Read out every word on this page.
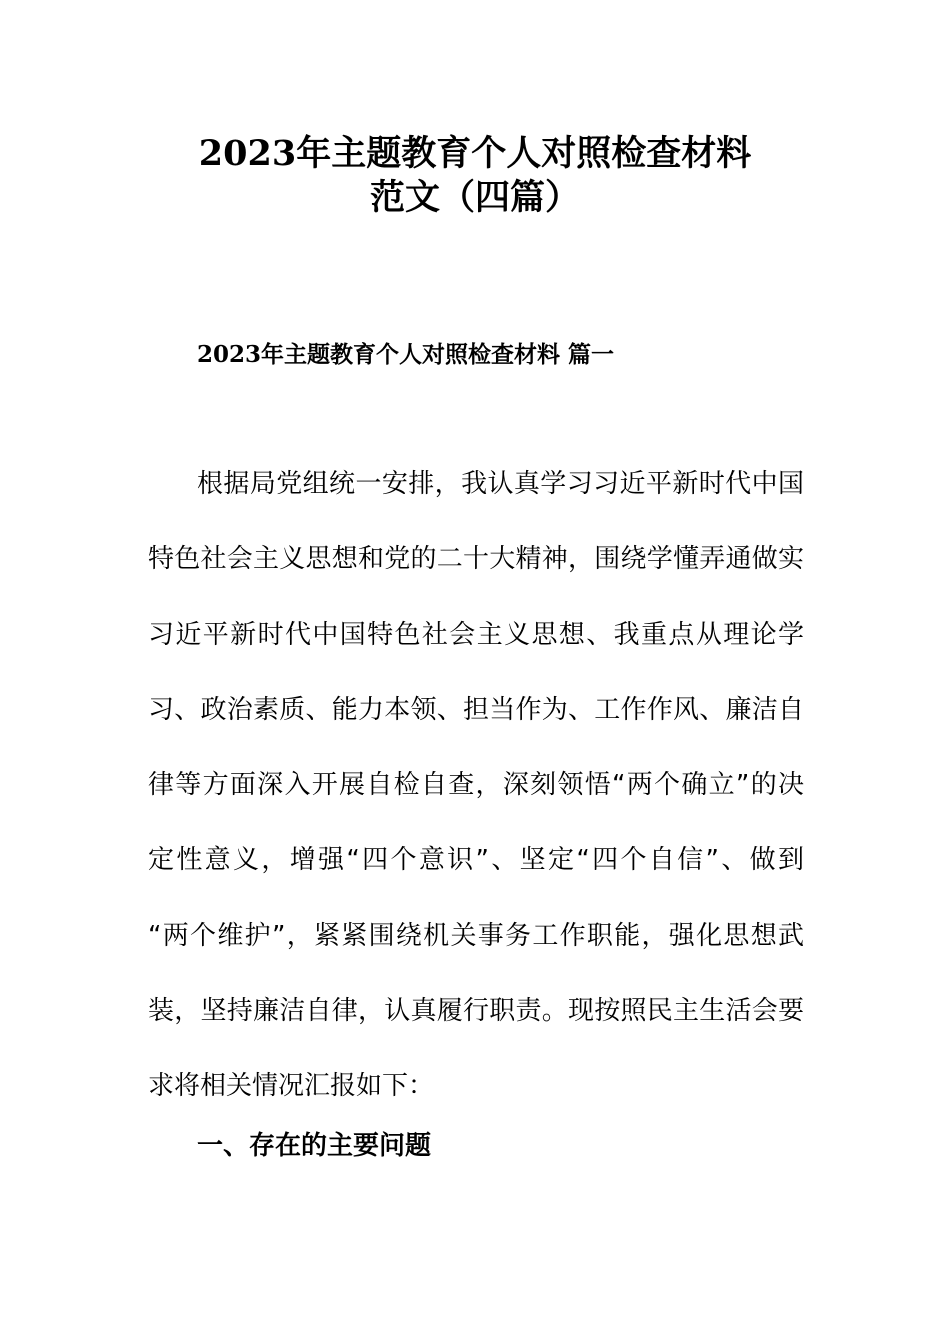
2023年主题教育个人对照检查材料
范文（四篇）
2023年主题教育个人对照检查材料 篇一
根据局党组统一安排，我认真学习习近平新时代中国
特色社会主义思想和党的二十大精神，围绕学懂弄通做实
习近平新时代中国特色社会主义思想、我重点从理论学
习、政治素质、能力本领、担当作为、工作作风、廉洁自
律等方面深入开展自检自查，深刻领悟“两个确立”的决
定性意义，增强“四个意识”、坚定“四个自信”、做到
“两个维护”，紧紧围绕机关事务工作职能，强化思想武
装，坚持廉洁自律，认真履行职责。现按照民主生活会要
求将相关情况汇报如下：
一、存在的主要问题
